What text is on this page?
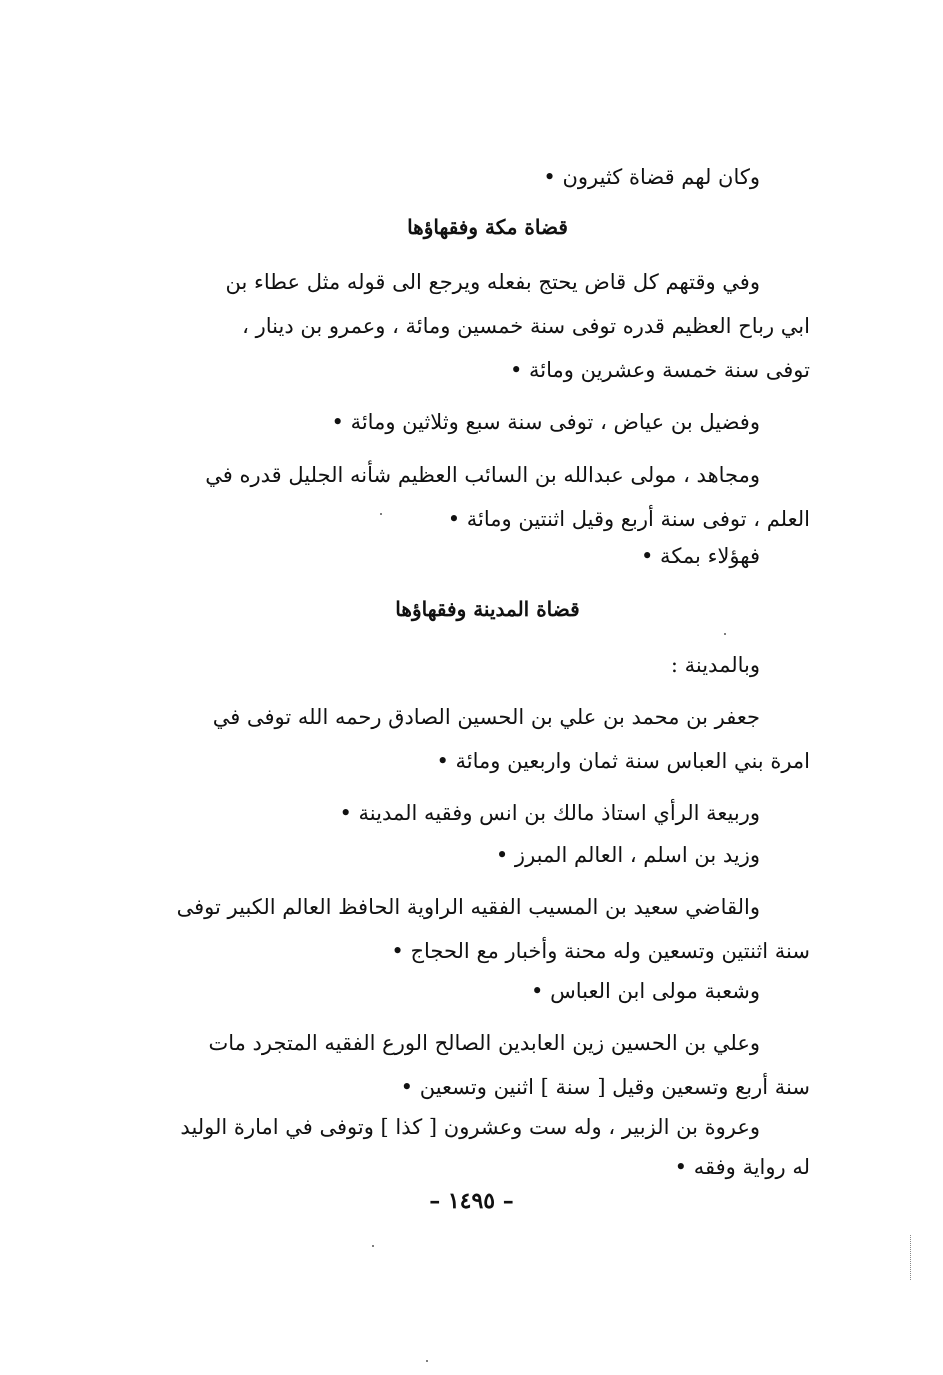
وكان لهم قضاة كثيرون •
قضاة مكة وفقهاؤها
وفي وقتهم كل قاض يحتج بفعله ويرجع الى قوله مثل عطاء بن
ابي رباح العظيم قدره توفى سنة خمسين ومائة ، وعمرو بن دينار ،
توفى سنة خمسة وعشرين ومائة •
وفضيل بن عياض ، توفى سنة سبع وثلاثين ومائة •
ومجاهد ، مولى عبدالله بن السائب العظيم شأنه الجليل قدره في
العلم ، توفى سنة أربع وقيل اثنتين ومائة •
فهؤلاء بمكة •
قضاة المدينة وفقهاؤها
وبالمدينة :
جعفر بن محمد بن علي بن الحسين الصادق رحمه الله توفى في
امرة بني العباس سنة ثمان واربعين ومائة •
وربيعة الرأي استاذ مالك بن انس وفقيه المدينة •
وزيد بن اسلم ، العالم المبرز •
والقاضي سعيد بن المسيب الفقيه الراوية الحافظ العالم الكبير توفى
سنة اثنتين وتسعين وله محنة وأخبار مع الحجاج •
وشعبة مولى ابن العباس •
وعلي بن الحسين زين العابدين الصالح الورع الفقيه المتجرد مات
سنة أربع وتسعين وقيل [ سنة ] اثنين وتسعين •
وعروة بن الزبير ، وله ست وعشرون [ كذا ] وتوفى في امارة الوليد
له رواية وفقه •
– ١٤٩٥ –
